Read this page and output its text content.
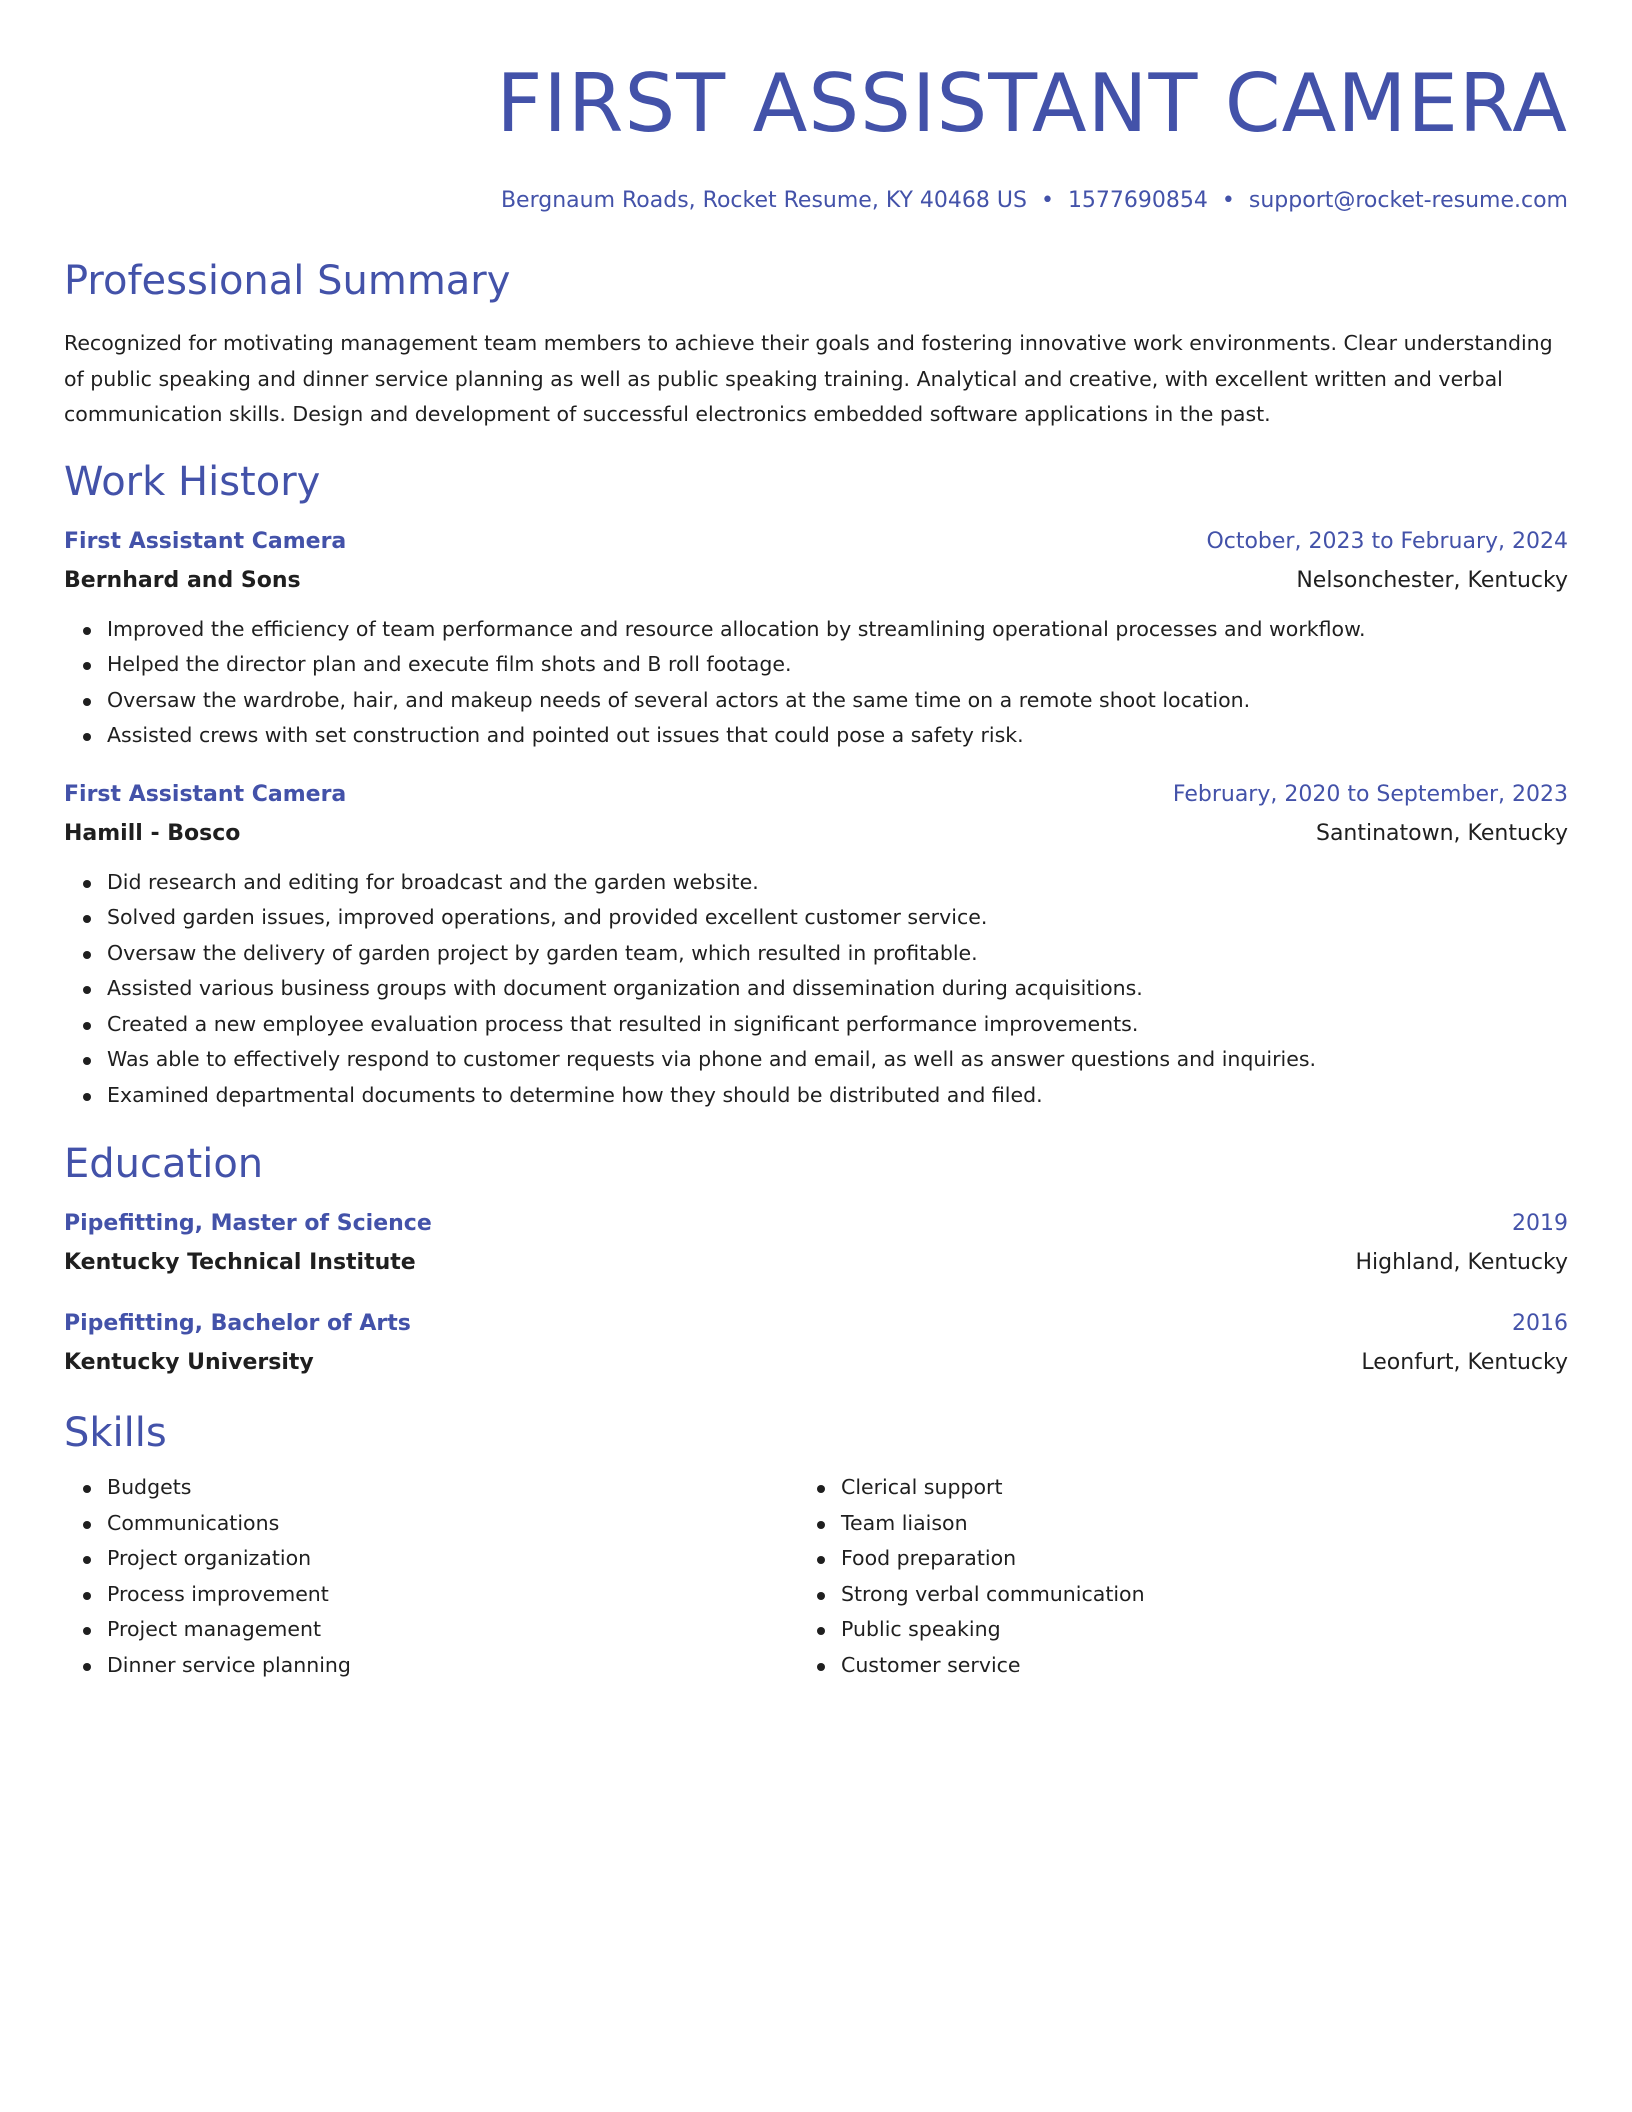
FIRST ASSISTANT CAMERA
Bergnaum Roads, Rocket Resume, KY 40468 US • 1577690854 • support@rocket-resume.com
Professional Summary

Recognized for motivating management team members to achieve their goals and fostering innovative work environments. Clear understanding of public speaking and dinner service planning as well as public speaking training. Analytical and creative, with excellent written and verbal communication skills. Design and development of successful electronics embedded software applications in the past.

Work History
First Assistant Camera	October, 2023 to February, 2024
Bernhard and Sons	Nelsonchester, Kentucky
Improved the efficiency of team performance and resource allocation by streamlining operational processes and workflow.
Helped the director plan and execute film shots and B roll footage.
Oversaw the wardrobe, hair, and makeup needs of several actors at the same time on a remote shoot location.
Assisted crews with set construction and pointed out issues that could pose a safety risk.
First Assistant Camera	February, 2020 to September, 2023
Hamill - Bosco	Santinatown, Kentucky
Did research and editing for broadcast and the garden website.
Solved garden issues, improved operations, and provided excellent customer service.
Oversaw the delivery of garden project by garden team, which resulted in profitable.
Assisted various business groups with document organization and dissemination during acquisitions.
Created a new employee evaluation process that resulted in significant performance improvements.
Was able to effectively respond to customer requests via phone and email, as well as answer questions and inquiries.
Examined departmental documents to determine how they should be distributed and filed.
Education
Pipefitting, Master of Science	2019
Kentucky Technical Institute	Highland, Kentucky
Pipefitting, Bachelor of Arts	2016
Kentucky University	Leonfurt, Kentucky
Skills
Budgets
Communications
Project organization
Process improvement
Project management
Dinner service planning
Clerical support
Team liaison
Food preparation
Strong verbal communication
Public speaking
Customer service
